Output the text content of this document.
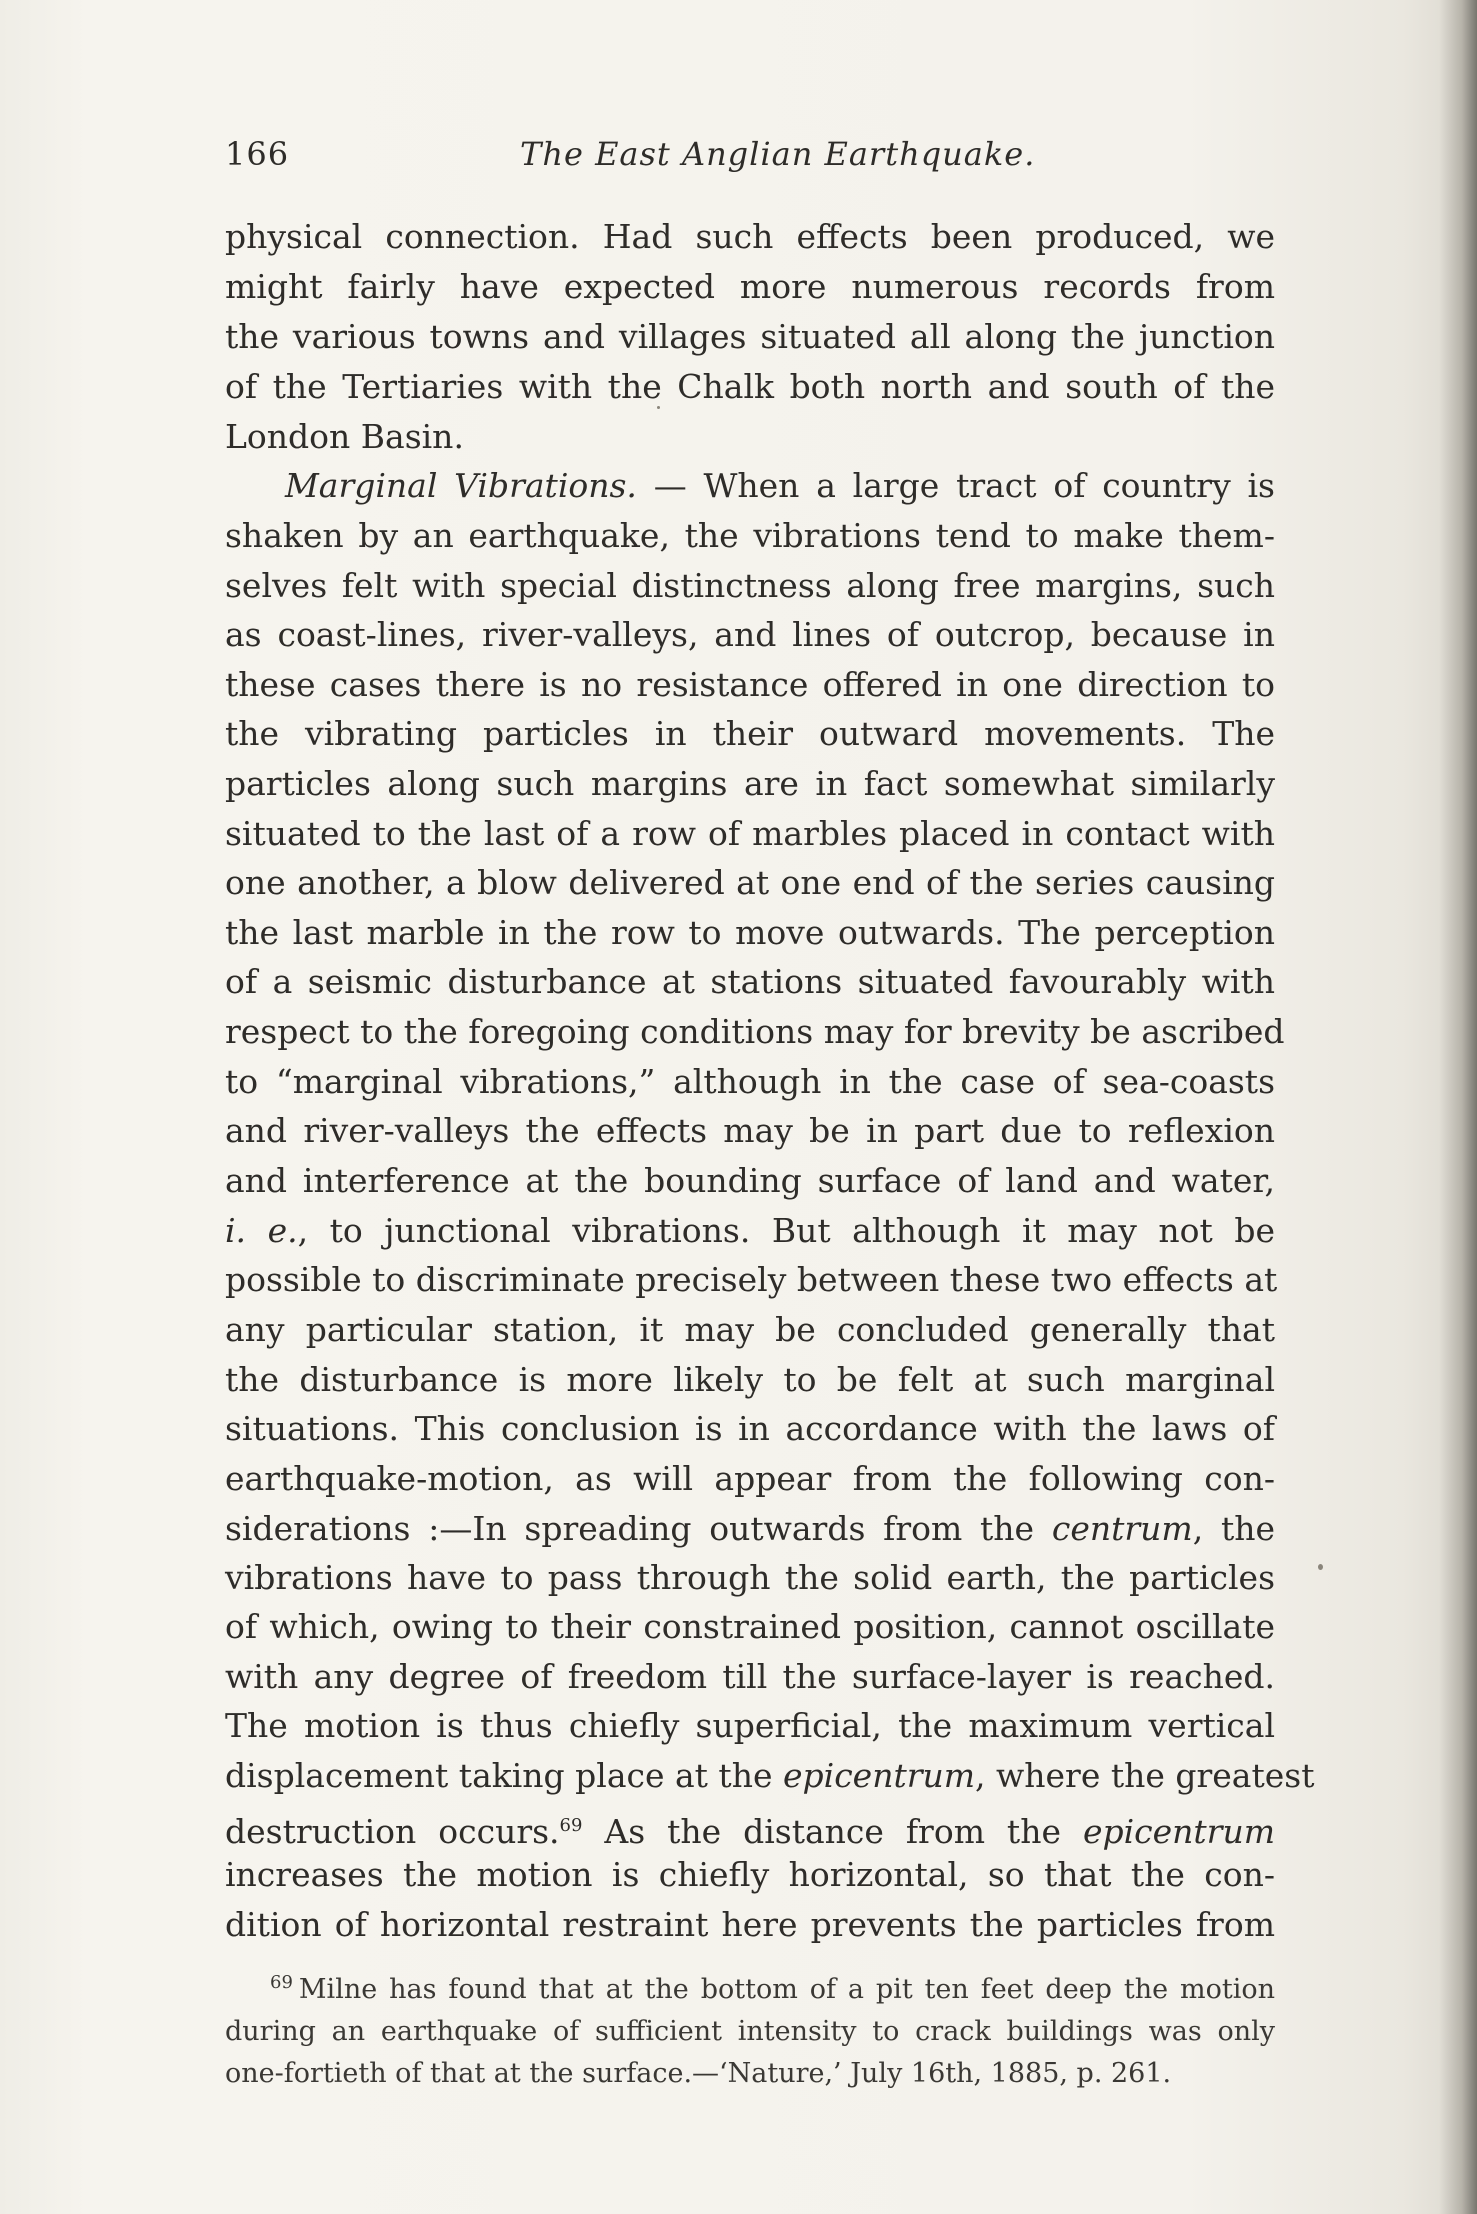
166	The East Anglian Earthquake.
physical connection. Had such effects been produced, we
might fairly have expected more numerous records from
the various towns and villages situated all along the junction
of the Tertiaries with the Chalk both north and south of the
London Basin.
Marginal Vibrations. — When a large tract of country is
shaken by an earthquake, the vibrations tend to make them-
selves felt with special distinctness along free margins, such
as coast-lines, river-valleys, and lines of outcrop, because in
these cases there is no resistance offered in one direction to
the vibrating particles in their outward movements. The
particles along such margins are in fact somewhat similarly
situated to the last of a row of marbles placed in contact with
one another, a blow delivered at one end of the series causing
the last marble in the row to move outwards. The perception
of a seismic disturbance at stations situated favourably with
respect to the foregoing conditions may for brevity be ascribed
to “marginal vibrations,” although in the case of sea-coasts
and river-valleys the effects may be in part due to reflexion
and interference at the bounding surface of land and water,
i. e., to junctional vibrations. But although it may not be
possible to discriminate precisely between these two effects at
any particular station, it may be concluded generally that
the disturbance is more likely to be felt at such marginal
situations. This conclusion is in accordance with the laws of
earthquake-motion, as will appear from the following con-
siderations :—In spreading outwards from the centrum, the
vibrations have to pass through the solid earth, the particles
of which, owing to their constrained position, cannot oscillate
with any degree of freedom till the surface-layer is reached.
The motion is thus chiefly superficial, the maximum vertical
displacement taking place at the epicentrum, where the greatest
destruction occurs.$^{69}$ As the distance from the epicentrum
increases the motion is chiefly horizontal, so that the con-
dition of horizontal restraint here prevents the particles from
$^{69}$ Milne has found that at the bottom of a pit ten feet deep the motion
during an earthquake of sufficient intensity to crack buildings was only
one-fortieth of that at the surface.—‘Nature,’ July 16th, 1885, p. 261.
